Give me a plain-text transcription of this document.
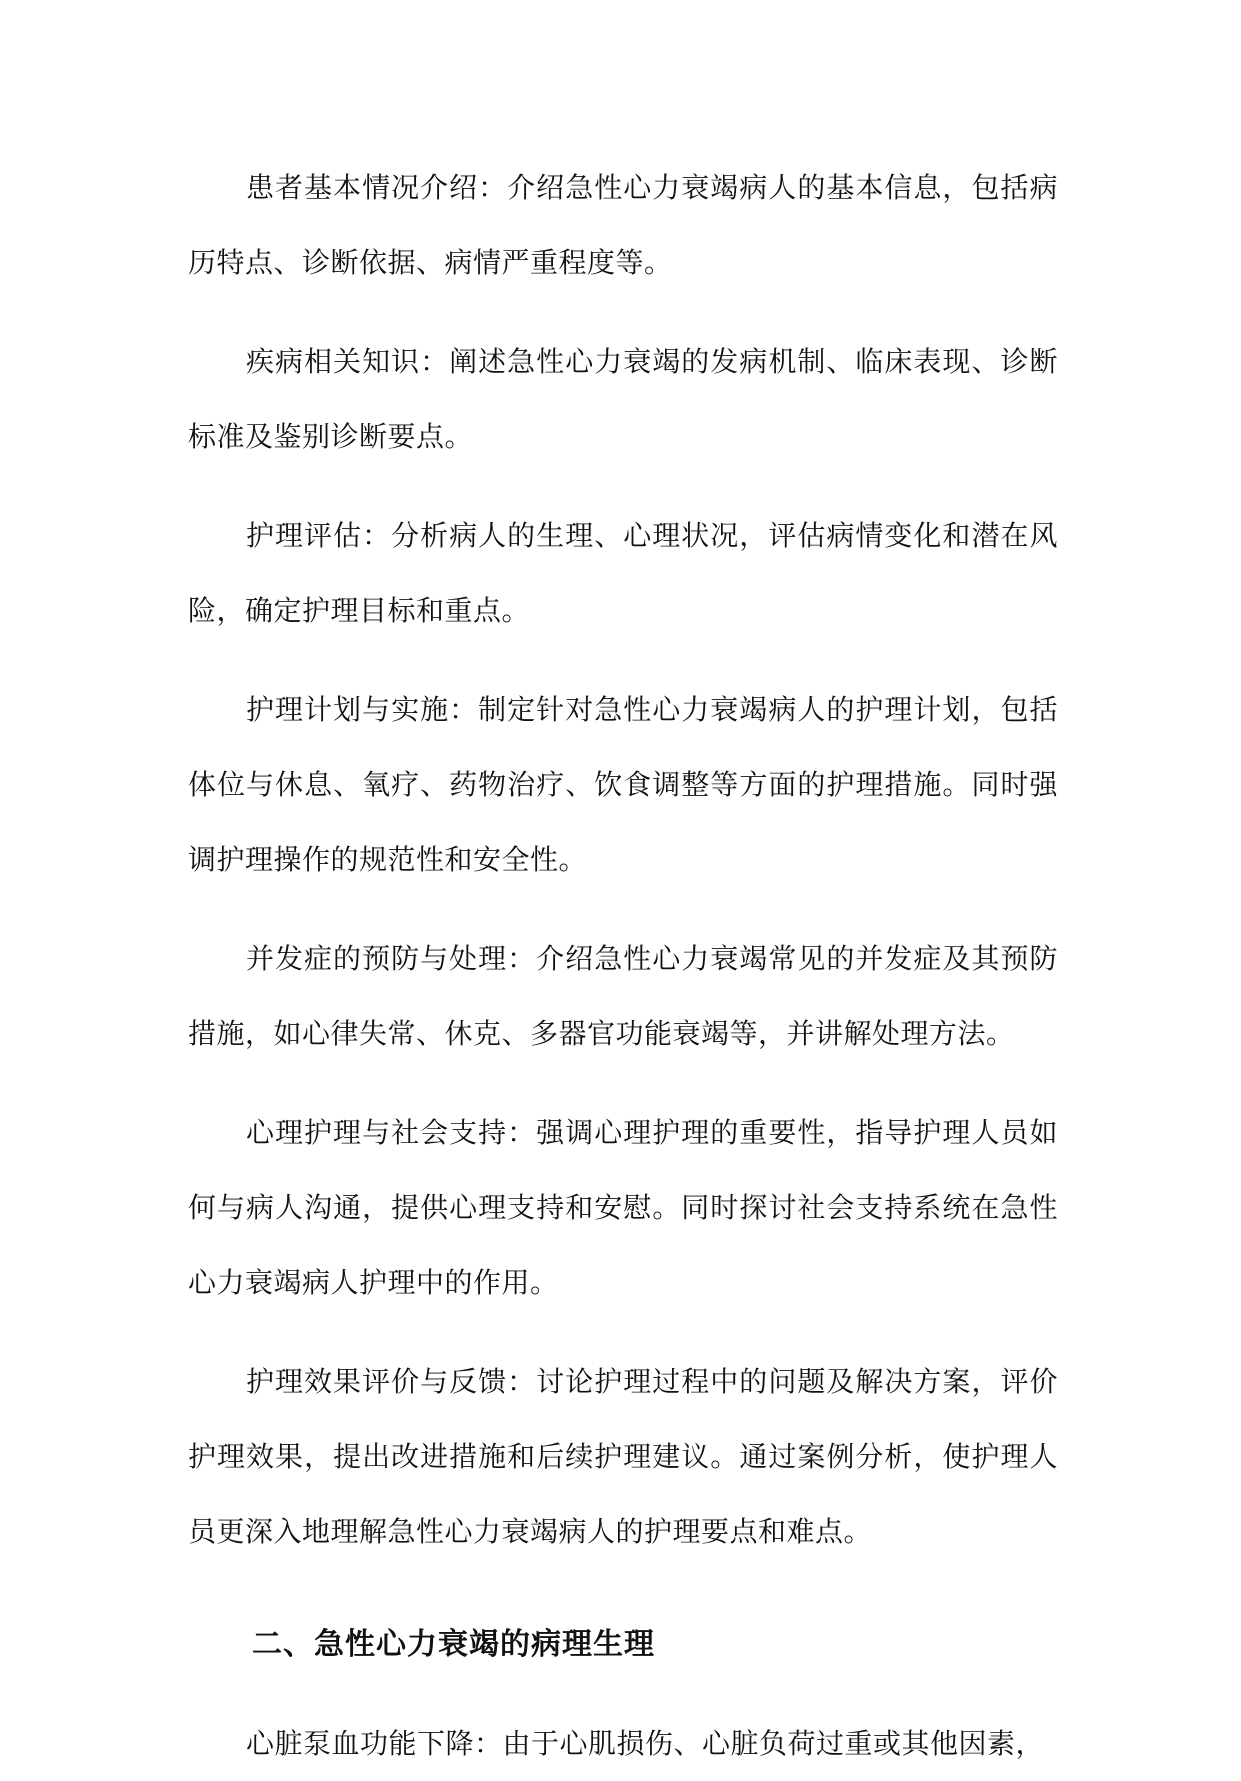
患者基本情况介绍：介绍急性心力衰竭病人的基本信息，包括病历特点、诊断依据、病情严重程度等。

疾病相关知识：阐述急性心力衰竭的发病机制、临床表现、诊断标准及鉴别诊断要点。

护理评估：分析病人的生理、心理状况，评估病情变化和潜在风险，确定护理目标和重点。

护理计划与实施：制定针对急性心力衰竭病人的护理计划，包括体位与休息、氧疗、药物治疗、饮食调整等方面的护理措施。同时强调护理操作的规范性和安全性。

并发症的预防与处理：介绍急性心力衰竭常见的并发症及其预防措施，如心律失常、休克、多器官功能衰竭等，并讲解处理方法。

心理护理与社会支持：强调心理护理的重要性，指导护理人员如何与病人沟通，提供心理支持和安慰。同时探讨社会支持系统在急性心力衰竭病人护理中的作用。

护理效果评价与反馈：讨论护理过程中的问题及解决方案，评价护理效果，提出改进措施和后续护理建议。通过案例分析，使护理人员更深入地理解急性心力衰竭病人的护理要点和难点。

二、急性心力衰竭的病理生理

心脏泵血功能下降：由于心肌损伤、心脏负荷过重或其他因素，
